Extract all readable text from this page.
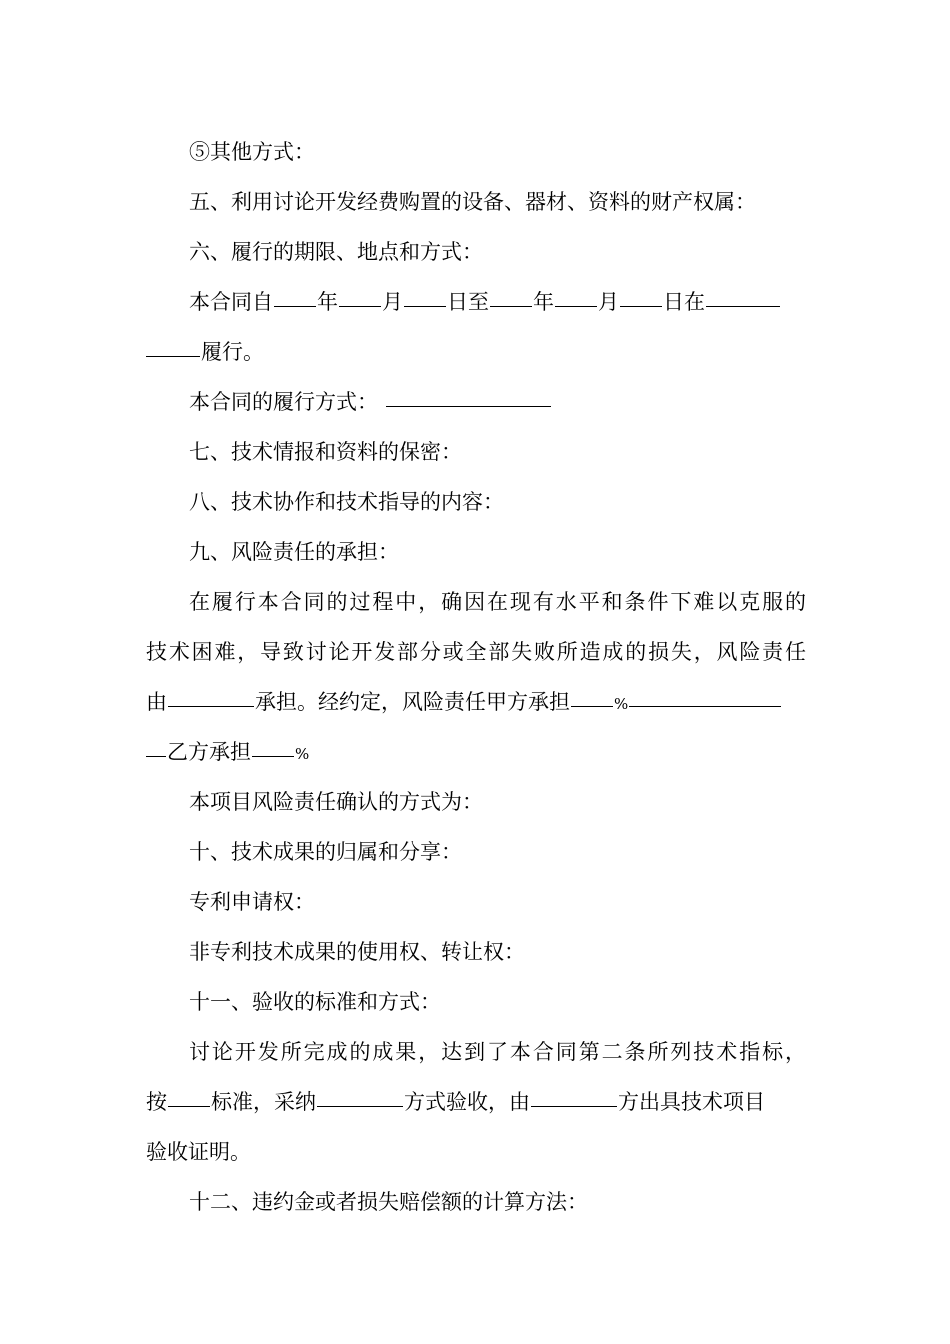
⑤其他方式：
五、利用讨论开发经费购置的设备、器材、资料的财产权属：
六、履行的期限、地点和方式：
本合同自 年 月 日至 年 月 日在
履行。
本合同的履行方式：
七、技术情报和资料的保密：
八、技术协作和技术指导的内容：
九、风险责任的承担：
在履行本合同的过程中，确因在现有水平和条件下难以克服的
技术困难，导致讨论开发部分或全部失败所造成的损失，风险责任
由	承担。经约定，风险责任甲方承担	%
乙方承担	%
本项目风险责任确认的方式为：
十、技术成果的归属和分享：
专利申请权：
非专利技术成果的使用权、转让权：
十一、验收的标准和方式：
讨论开发所完成的成果，达到了本合同第二条所列技术指标，
按 标准，采纳	方式验收，由	方出具技术项目
验收证明。
十二、违约金或者损失赔偿额的计算方法：
